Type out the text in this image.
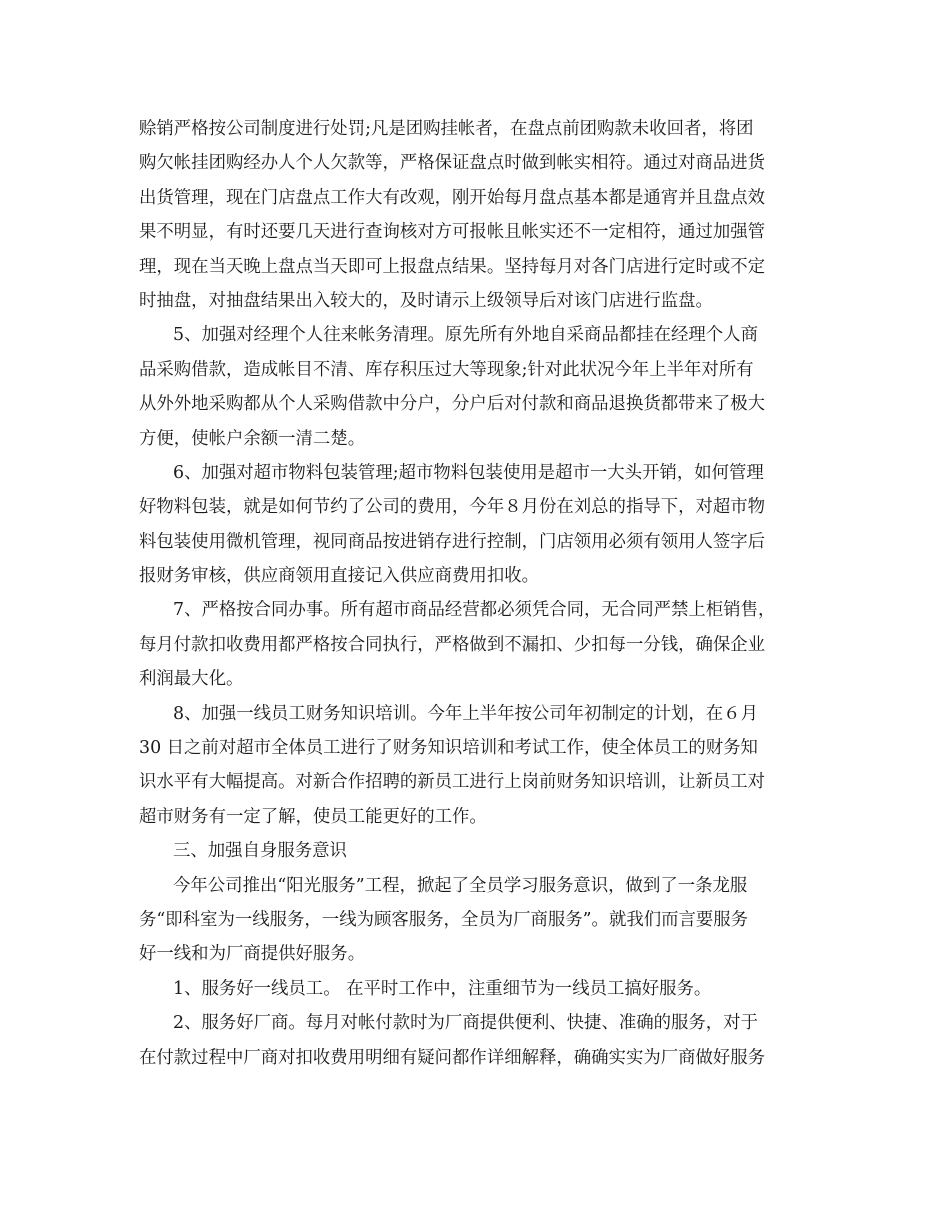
赊销严格按公司制度进行处罚;凡是团购挂帐者，在盘点前团购款未收回者，将团
购欠帐挂团购经办人个人欠款等，严格保证盘点时做到帐实相符。通过对商品进货
出货管理，现在门店盘点工作大有改观，刚开始每月盘点基本都是通宵并且盘点效
果不明显，有时还要几天进行查询核对方可报帐且帐实还不一定相符，通过加强管
理，现在当天晚上盘点当天即可上报盘点结果。坚持每月对各门店进行定时或不定
时抽盘，对抽盘结果出入较大的，及时请示上级领导后对该门店进行监盘。
5、加强对经理个人往来帐务清理。原先所有外地自采商品都挂在经理个人商
品采购借款，造成帐目不清、库存积压过大等现象;针对此状况今年上半年对所有
从外外地采购都从个人采购借款中分户，分户后对付款和商品退换货都带来了极大
方便，使帐户余额一清二楚。
6、加强对超市物料包装管理;超市物料包装使用是超市一大头开销，如何管理
好物料包装，就是如何节约了公司的费用，今年８月份在刘总的指导下，对超市物
料包装使用微机管理，视同商品按进销存进行控制，门店领用必须有领用人签字后
报财务审核，供应商领用直接记入供应商费用扣收。
7、严格按合同办事。所有超市商品经营都必须凭合同，无合同严禁上柜销售，
每月付款扣收费用都严格按合同执行，严格做到不漏扣、少扣每一分钱，确保企业
利润最大化。
8、加强一线员工财务知识培训。今年上半年按公司年初制定的计划，在６月
30 日之前对超市全体员工进行了财务知识培训和考试工作，使全体员工的财务知
识水平有大幅提高。对新合作招聘的新员工进行上岗前财务知识培训，让新员工对
超市财务有一定了解，使员工能更好的工作。
三、加强自身服务意识
今年公司推出“阳光服务”工程，掀起了全员学习服务意识，做到了一条龙服
务“即科室为一线服务，一线为顾客服务，全员为厂商服务”。就我们而言要服务
好一线和为厂商提供好服务。
1、服务好一线员工。 在平时工作中，注重细节为一线员工搞好服务。
2、服务好厂商。每月对帐付款时为厂商提供便利、快捷、准确的服务，对于
在付款过程中厂商对扣收费用明细有疑问都作详细解释，确确实实为厂商做好服务
